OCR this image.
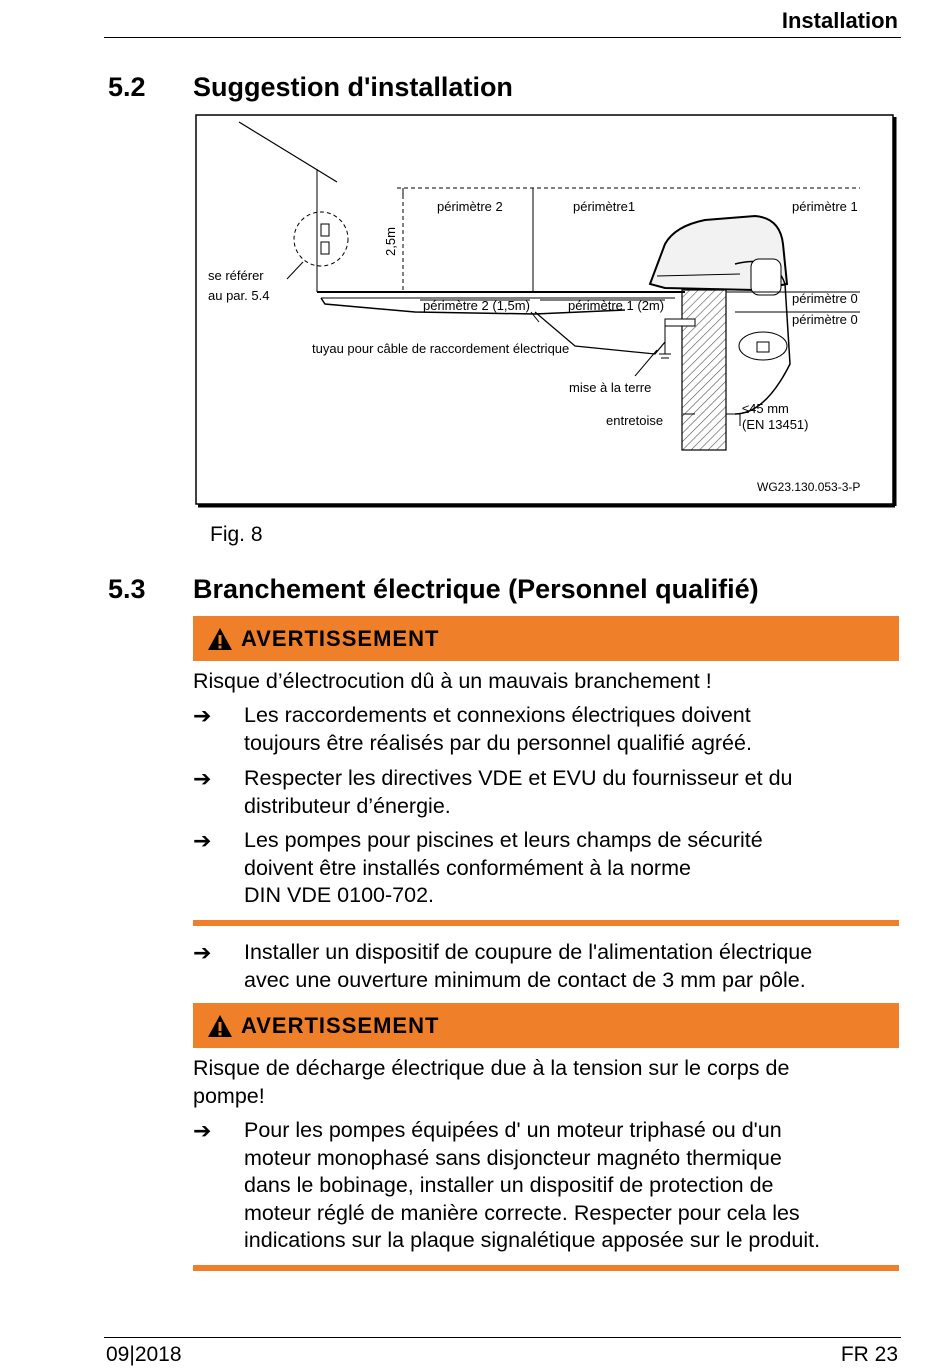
Installation
5.2 Suggestion d'installation
se référer
au par. 5.4
2,5m
périmètre 2	périmètre1	périmètre 1
périmètre 2 (1,5m)	périmètre 1 (2m)	périmètre 0
périmètre 0
tuyau pour câble de raccordement électrique
mise à la terre
entretoise
≤45 mm
(EN 13451)
WG23.130.053-3-P
Fig. 8
5.3 Branchement électrique (Personnel qualifié)
AVERTISSEMENT
Risque d’électrocution dû à un mauvais branchement !
➔	Les raccordements et connexions électriques doivent
toujours être réalisés par du personnel qualifié agréé.
➔	Respecter les directives VDE et EVU du fournisseur et du
distributeur d’énergie.
➔	Les pompes pour piscines et leurs champs de sécurité
doivent être installés conformément à la norme
DIN VDE 0100-702.
➔	Installer un dispositif de coupure de l'alimentation électrique
avec une ouverture minimum de contact de 3 mm par pôle.
AVERTISSEMENT
Risque de décharge électrique due à la tension sur le corps de
pompe!
➔	Pour les pompes équipées d' un moteur triphasé ou d'un
moteur monophasé sans disjoncteur magnéto thermique
dans le bobinage, installer un dispositif de protection de
moteur réglé de manière correcte. Respecter pour cela les
indications sur la plaque signalétique apposée sur le produit.
09|2018	FR 23
